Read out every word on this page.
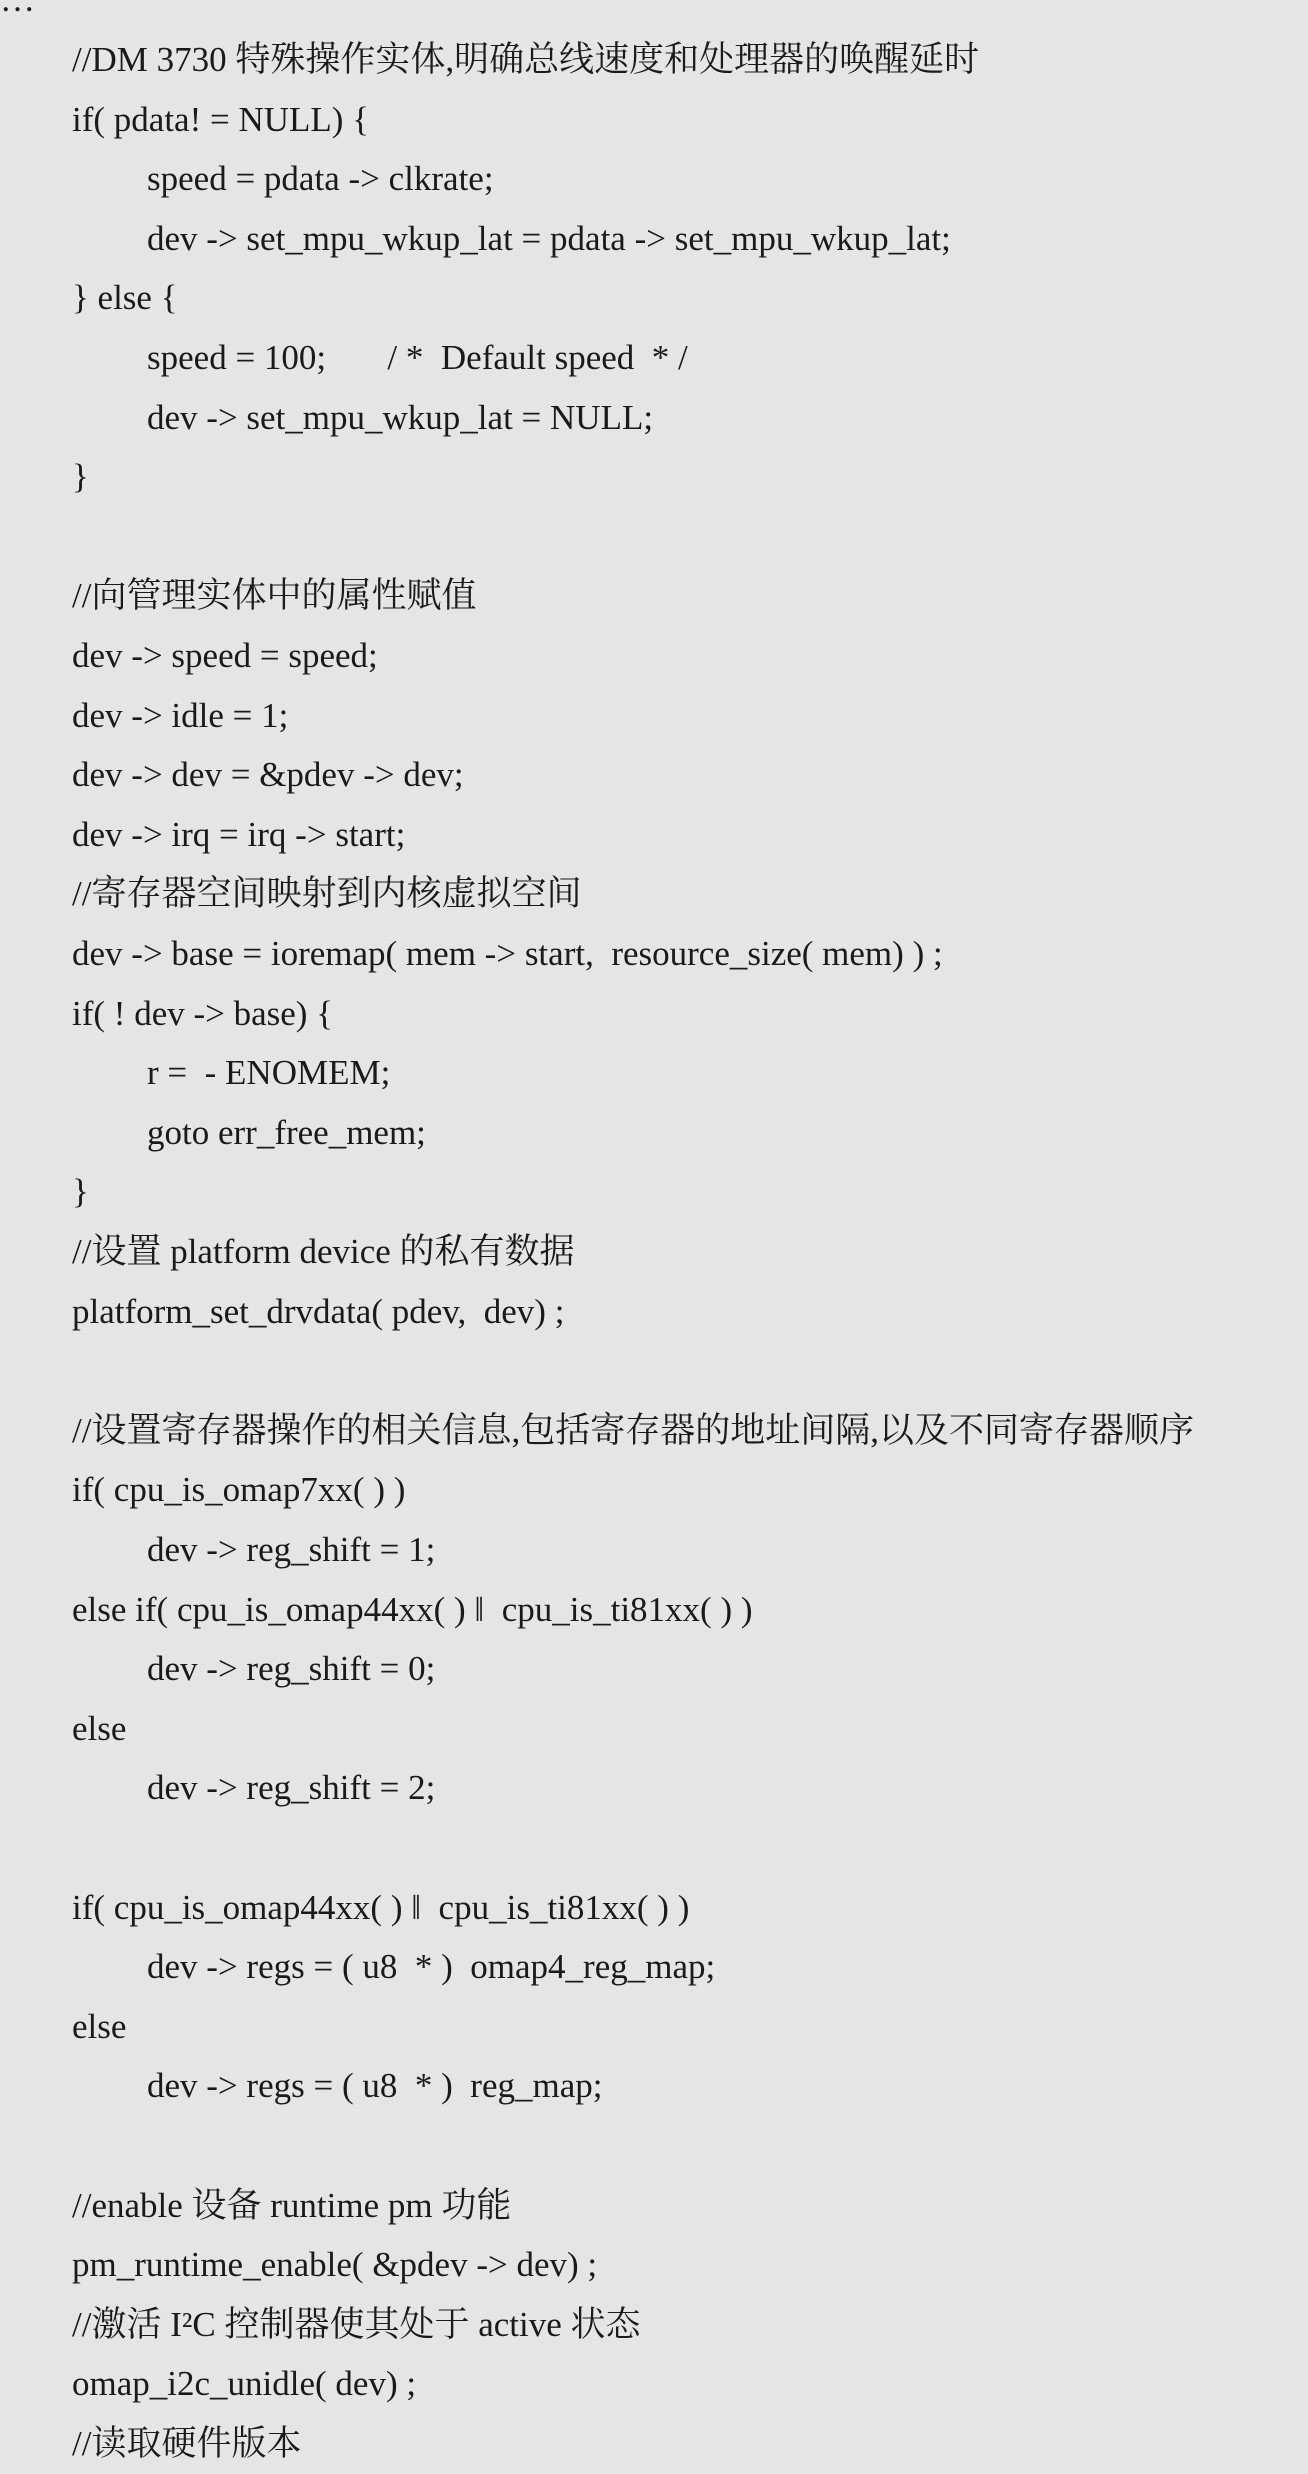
//DM 3730 特殊操作实体,明确总线速度和处理器的唤醒延时
if( pdata! = NULL) {
speed = pdata -> clkrate;
dev -> set_mpu_wkup_lat = pdata -> set_mpu_wkup_lat;
} else {
speed = 100;       / *  Default speed  * /
dev -> set_mpu_wkup_lat = NULL;
}
//向管理实体中的属性赋值
dev -> speed = speed;
dev -> idle = 1;
dev -> dev = &pdev -> dev;
dev -> irq = irq -> start;
//寄存器空间映射到内核虚拟空间
dev -> base = ioremap( mem -> start,  resource_size( mem) ) ;
if( ! dev -> base) {
r =  - ENOMEM;
goto err_free_mem;
}
//设置 platform device 的私有数据
platform_set_drvdata( pdev,  dev) ;
//设置寄存器操作的相关信息,包括寄存器的地址间隔,以及不同寄存器顺序
if( cpu_is_omap7xx( ) )
dev -> reg_shift = 1;
else if( cpu_is_omap44xx( ) ‖  cpu_is_ti81xx( ) )
dev -> reg_shift = 0;
else
dev -> reg_shift = 2;
if( cpu_is_omap44xx( ) ‖  cpu_is_ti81xx( ) )
dev -> regs = ( u8  * )  omap4_reg_map;
else
dev -> regs = ( u8  * )  reg_map;
//enable 设备 runtime pm 功能
pm_runtime_enable( &pdev -> dev) ;
//激活 I²C 控制器使其处于 active 状态
omap_i2c_unidle( dev) ;
//读取硬件版本
